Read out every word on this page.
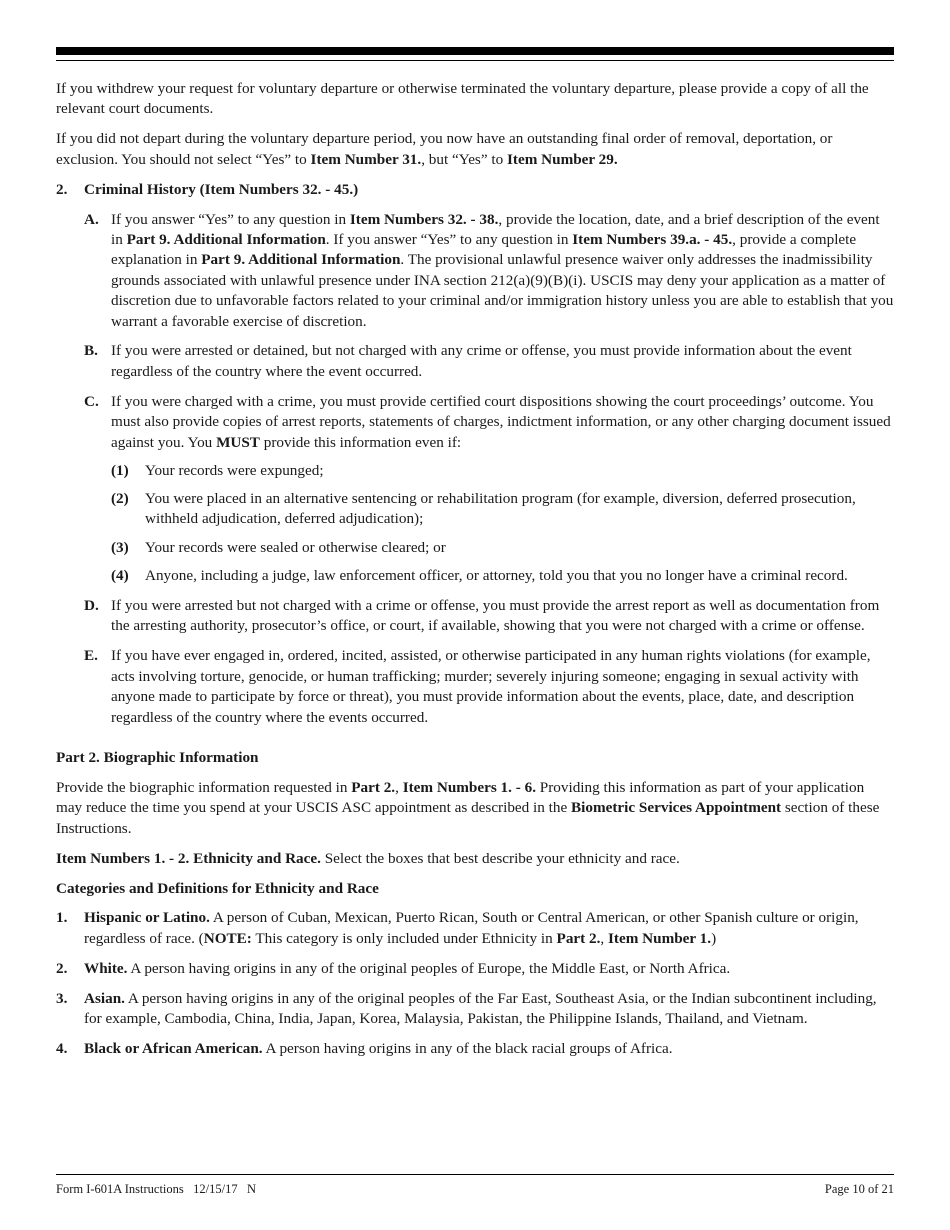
If you withdrew your request for voluntary departure or otherwise terminated the voluntary departure, please provide a copy of all the relevant court documents.

If you did not depart during the voluntary departure period, you now have an outstanding final order of removal, deportation, or exclusion. You should not select “Yes” to Item Number 31., but “Yes” to Item Number 29.

2.	Criminal History (Item Numbers 32. - 45.)
A. If you answer “Yes” to any question in Item Numbers 32. - 38., provide the location, date, and a brief description of the event in Part 9. Additional Information. If you answer “Yes” to any question in Item Numbers 39.a. - 45., provide a complete explanation in Part 9. Additional Information. The provisional unlawful presence waiver only addresses the inadmissibility grounds associated with unlawful presence under INA section 212(a)(9)(B)(i). USCIS may deny your application as a matter of discretion due to unfavorable factors related to your criminal and/or immigration history unless you are able to establish that you warrant a favorable exercise of discretion.
B. If you were arrested or detained, but not charged with any crime or offense, you must provide information about the event regardless of the country where the event occurred.
C. If you were charged with a crime, you must provide certified court dispositions showing the court proceedings’ outcome. You must also provide copies of arrest reports, statements of charges, indictment information, or any other charging document issued against you. You MUST provide this information even if:
(1)	Your records were expunged;
(2)	You were placed in an alternative sentencing or rehabilitation program (for example, diversion, deferred prosecution, withheld adjudication, deferred adjudication);
(3)	Your records were sealed or otherwise cleared; or
(4)	Anyone, including a judge, law enforcement officer, or attorney, told you that you no longer have a criminal record.
D. If you were arrested but not charged with a crime or offense, you must provide the arrest report as well as documentation from the arresting authority, prosecutor’s office, or court, if available, showing that you were not charged with a crime or offense.
E. If you have ever engaged in, ordered, incited, assisted, or otherwise participated in any human rights violations (for example, acts involving torture, genocide, or human trafficking; murder; severely injuring someone; engaging in sexual activity with anyone made to participate by force or threat), you must provide information about the events, place, date, and description regardless of the country where the events occurred.

Part 2. Biographic Information

Provide the biographic information requested in Part 2., Item Numbers 1. - 6. Providing this information as part of your application may reduce the time you spend at your USCIS ASC appointment as described in the Biometric Services Appointment section of these Instructions.

Item Numbers 1. - 2. Ethnicity and Race. Select the boxes that best describe your ethnicity and race.

Categories and Definitions for Ethnicity and Race

1.	Hispanic or Latino. A person of Cuban, Mexican, Puerto Rican, South or Central American, or other Spanish culture or origin, regardless of race. (NOTE: This category is only included under Ethnicity in Part 2., Item Number 1.)
2.	White. A person having origins in any of the original peoples of Europe, the Middle East, or North Africa.
3.	Asian. A person having origins in any of the original peoples of the Far East, Southeast Asia, or the Indian subcontinent including, for example, Cambodia, China, India, Japan, Korea, Malaysia, Pakistan, the Philippine Islands, Thailand, and Vietnam.
4.	Black or African American. A person having origins in any of the black racial groups of Africa.
Form I-601A Instructions   12/15/17   N	Page 10 of 21
